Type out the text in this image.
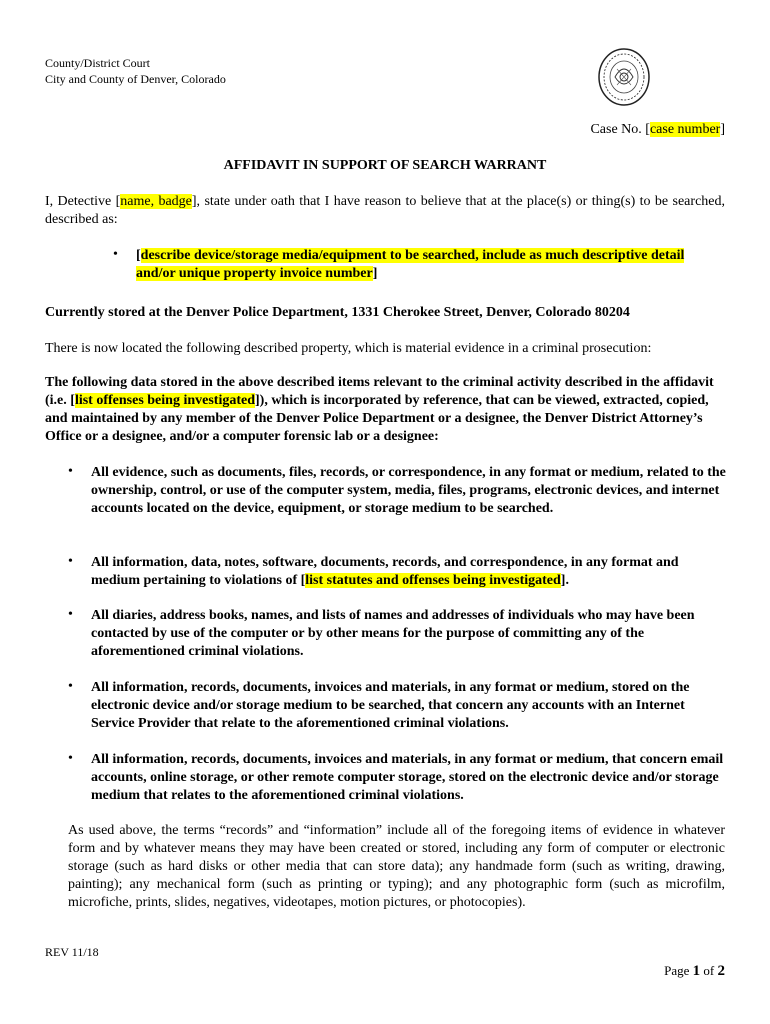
County/District Court
City and County of Denver, Colorado
Case No. [case number]
AFFIDAVIT IN SUPPORT OF SEARCH WARRANT
I, Detective [name, badge], state under oath that I have reason to believe that at the place(s) or thing(s) to be searched, described as:
• [describe device/storage media/equipment to be searched, include as much descriptive detail and/or unique property invoice number]
Currently stored at the Denver Police Department, 1331 Cherokee Street, Denver, Colorado 80204
There is now located the following described property, which is material evidence in a criminal prosecution:
The following data stored in the above described items relevant to the criminal activity described in the affidavit (i.e. [list offenses being investigated]), which is incorporated by reference, that can be viewed, extracted, copied, and maintained by any member of the Denver Police Department or a designee, the Denver District Attorney’s Office or a designee, and/or a computer forensic lab or a designee:
• All evidence, such as documents, files, records, or correspondence, in any format or medium, related to the ownership, control, or use of the computer system, media, files, programs, electronic devices, and internet accounts located on the device, equipment, or storage medium to be searched.
• All information, data, notes, software, documents, records, and correspondence, in any format and medium pertaining to violations of [list statutes and offenses being investigated].
• All diaries, address books, names, and lists of names and addresses of individuals who may have been contacted by use of the computer or by other means for the purpose of committing any of the aforementioned criminal violations.
• All information, records, documents, invoices and materials, in any format or medium, stored on the electronic device and/or storage medium to be searched, that concern any accounts with an Internet Service Provider that relate to the aforementioned criminal violations.
• All information, records, documents, invoices and materials, in any format or medium, that concern email accounts, online storage, or other remote computer storage, stored on the electronic device and/or storage medium that relates to the aforementioned criminal violations.
As used above, the terms “records” and “information” include all of the foregoing items of evidence in whatever form and by whatever means they may have been created or stored, including any form of computer or electronic storage (such as hard disks or other media that can store data); any handmade form (such as writing, drawing, painting); any mechanical form (such as printing or typing); and any photographic form (such as microfilm, microfiche, prints, slides, negatives, videotapes, motion pictures, or photocopies).
REV 11/18
Page 1 of 2
